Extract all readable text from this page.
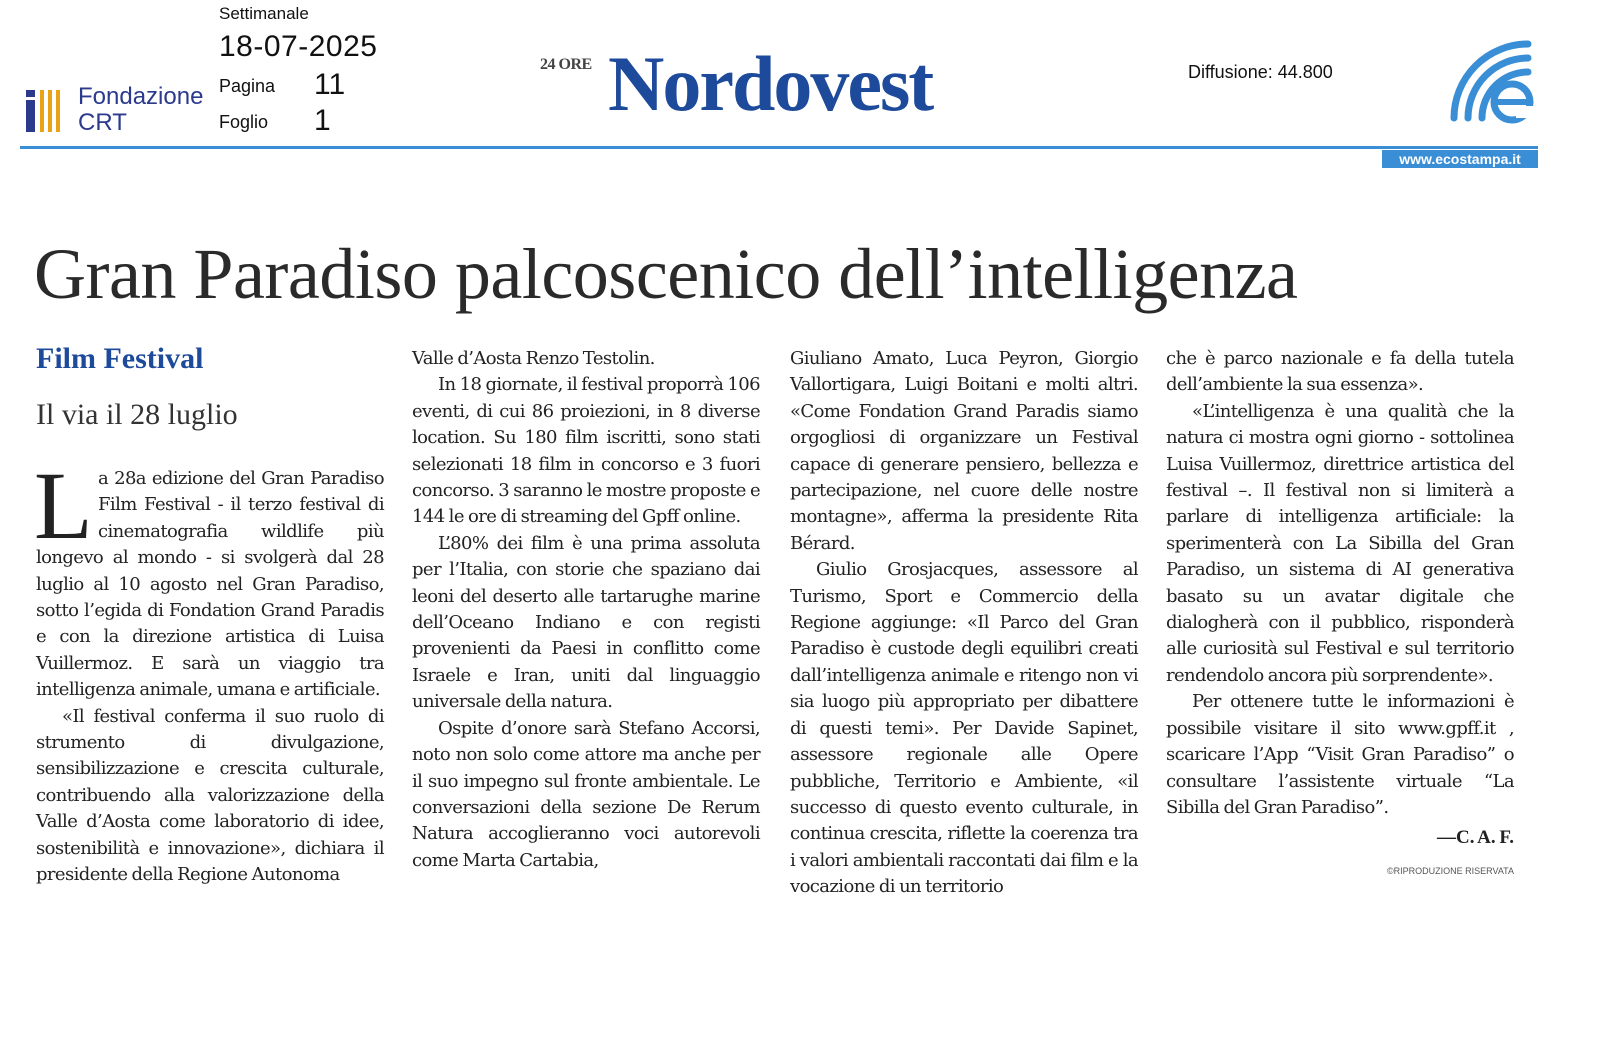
Fondazione
CRT
Settimanale
18-07-2025
Pagina 11
Foglio 1
24 ORE Nordovest	Diffusione: 44.800
www.ecostampa.it
Gran Paradiso palcoscenico dell’intelligenza
Film Festival
Il via il 28 luglio

La 28a edizione del Gran Paradiso Film Festival - il terzo festival di cinematografia wildlife più longevo al mondo - si svolgerà dal 28 luglio al 10 agosto nel Gran Paradiso, sotto l’egida di Fondation Grand Paradis e con la direzione artistica di Luisa Vuillermoz. E sarà un viaggio tra intelligenza animale, umana e artificiale.

«Il festival conferma il suo ruolo di strumento di divulgazione, sensibilizzazione e crescita culturale, contribuendo alla valorizzazione della Valle d’Aosta come laboratorio di idee, sostenibilità e innovazione», dichiara il presidente della Regione Autonoma

Valle d’Aosta Renzo Testolin.

In 18 giornate, il festival proporrà 106 eventi, di cui 86 proiezioni, in 8 diverse location. Su 180 film iscritti, sono stati selezionati 18 film in concorso e 3 fuori concorso. 3 saranno le mostre proposte e 144 le ore di streaming del Gpff online.

L’80% dei film è una prima assoluta per l’Italia, con storie che spaziano dai leoni del deserto alle tartarughe marine dell’Oceano Indiano e con registi provenienti da Paesi in conflitto come Israele e Iran, uniti dal linguaggio universale della natura.

Ospite d’onore sarà Stefano Accorsi, noto non solo come attore ma anche per il suo impegno sul fronte ambientale. Le conversazioni della sezione De Rerum Natura accoglieranno voci autorevoli come Marta Cartabia,

Giuliano Amato, Luca Peyron, Giorgio Vallortigara, Luigi Boitani e molti altri. «Come Fondation Grand Paradis siamo orgogliosi di organizzare un Festival capace di generare pensiero, bellezza e partecipazione, nel cuore delle nostre montagne», afferma la presidente Rita Bérard.

Giulio Grosjacques, assessore al Turismo, Sport e Commercio della Regione aggiunge: «Il Parco del Gran Paradiso è custode degli equilibri creati dall’intelligenza animale e ritengo non vi sia luogo più appropriato per dibattere di questi temi». Per Davide Sapinet, assessore regionale alle Opere pubbliche, Territorio e Ambiente, «il successo di questo evento culturale, in continua crescita, riflette la coerenza tra i valori ambientali raccontati dai film e la vocazione di un territorio

che è parco nazionale e fa della tutela dell’ambiente la sua essenza».

«L’intelligenza è una qualità che la natura ci mostra ogni giorno - sottolinea Luisa Vuillermoz, direttrice artistica del festival –. Il festival non si limiterà a parlare di intelligenza artificiale: la sperimenterà con La Sibilla del Gran Paradiso, un sistema di AI generativa basato su un avatar digitale che dialogherà con il pubblico, risponderà alle curiosità sul Festival e sul territorio rendendolo ancora più sorprendente».

Per ottenere tutte le informazioni è possibile visitare il sito www.gpff.it , scaricare l’App “Visit Gran Paradiso” o consultare l’assistente virtuale “La Sibilla del Gran Paradiso”.

—C. A. F.
©RIPRODUZIONE RISERVATA
